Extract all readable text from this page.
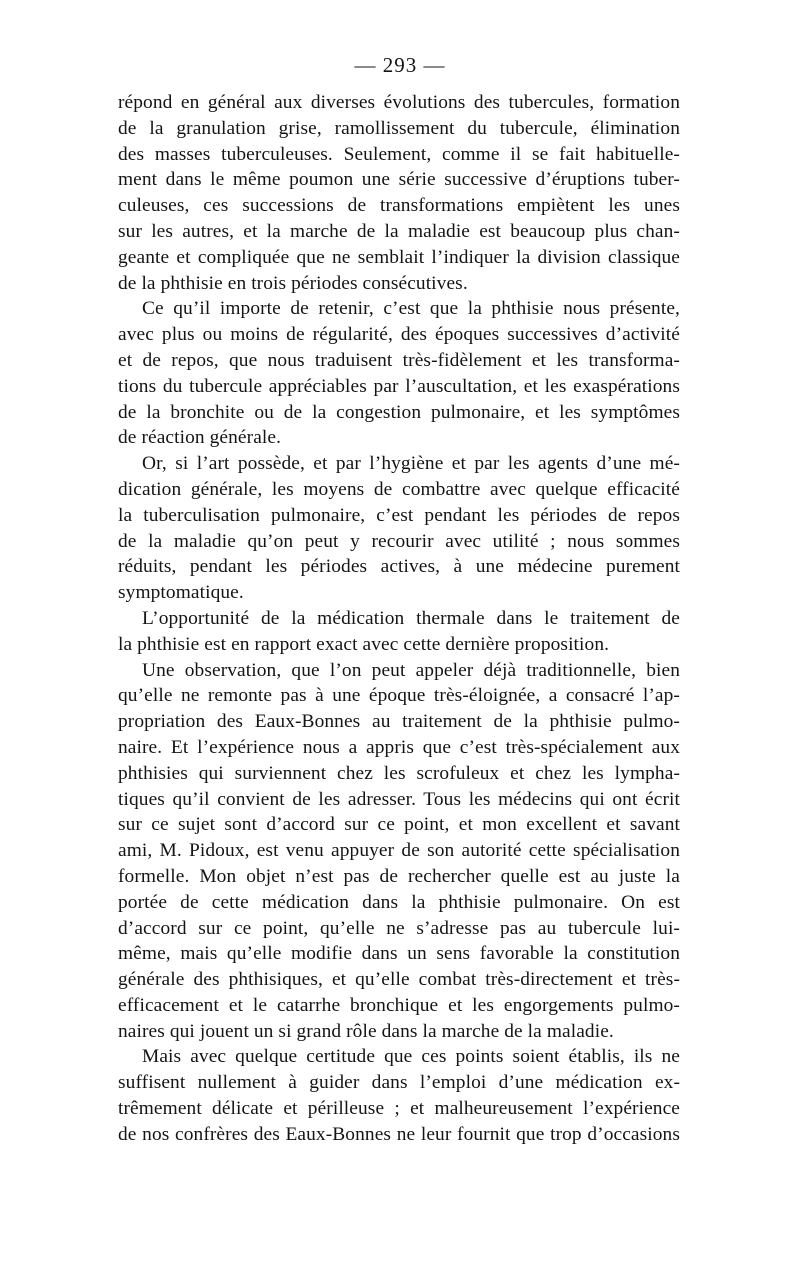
— 293 —
répond en général aux diverses évolutions des tubercules, formation
de la granulation grise, ramollissement du tubercule, élimination
des masses tuberculeuses. Seulement, comme il se fait habituelle-
ment dans le même poumon une série successive d’éruptions tuber-
culeuses, ces successions de transformations empiètent les unes
sur les autres, et la marche de la maladie est beaucoup plus chan-
geante et compliquée que ne semblait l’indiquer la division classique
de la phthisie en trois périodes consécutives.
Ce qu’il importe de retenir, c’est que la phthisie nous présente,
avec plus ou moins de régularité, des époques successives d’activité
et de repos, que nous traduisent très-fidèlement et les transforma-
tions du tubercule appréciables par l’auscultation, et les exaspérations
de la bronchite ou de la congestion pulmonaire, et les symptômes
de réaction générale.
Or, si l’art possède, et par l’hygiène et par les agents d’une mé-
dication générale, les moyens de combattre avec quelque efficacité
la tuberculisation pulmonaire, c’est pendant les périodes de repos
de la maladie qu’on peut y recourir avec utilité ; nous sommes
réduits, pendant les périodes actives, à une médecine purement
symptomatique.
L’opportunité de la médication thermale dans le traitement de
la phthisie est en rapport exact avec cette dernière proposition.
Une observation, que l’on peut appeler déjà traditionnelle, bien
qu’elle ne remonte pas à une époque très-éloignée, a consacré l’ap-
propriation des Eaux-Bonnes au traitement de la phthisie pulmo-
naire. Et l’expérience nous a appris que c’est très-spécialement aux
phthisies qui surviennent chez les scrofuleux et chez les lympha-
tiques qu’il convient de les adresser. Tous les médecins qui ont écrit
sur ce sujet sont d’accord sur ce point, et mon excellent et savant
ami, M. Pidoux, est venu appuyer de son autorité cette spécialisation
formelle. Mon objet n’est pas de rechercher quelle est au juste la
portée de cette médication dans la phthisie pulmonaire. On est
d’accord sur ce point, qu’elle ne s’adresse pas au tubercule lui-
même, mais qu’elle modifie dans un sens favorable la constitution
générale des phthisiques, et qu’elle combat très-directement et très-
efficacement et le catarrhe bronchique et les engorgements pulmo-
naires qui jouent un si grand rôle dans la marche de la maladie.
Mais avec quelque certitude que ces points soient établis, ils ne
suffisent nullement à guider dans l’emploi d’une médication ex-
trêmement délicate et périlleuse ; et malheureusement l’expérience
de nos confrères des Eaux-Bonnes ne leur fournit que trop d’occasions
